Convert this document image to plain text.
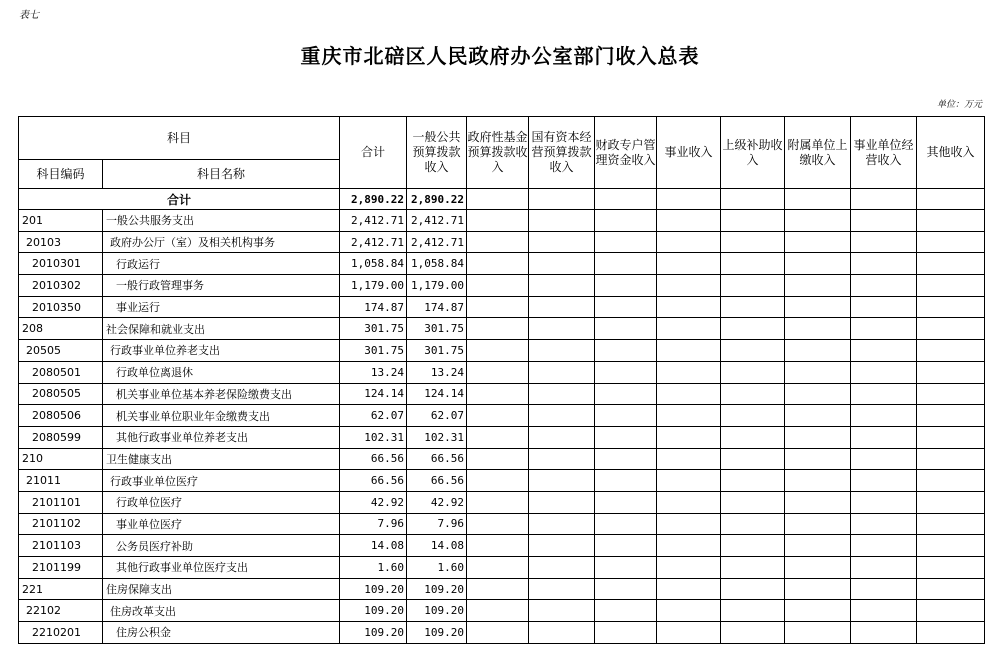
表七
重庆市北碚区人民政府办公室部门收入总表
单位：万元
科目		合计	一般公共预算拨款收入	政府性基金预算拨款收入	国有资本经营预算拨款收入	财政专户管理资金收入	事业收入	上级补助收入	附属单位上缴收入	事业单位经营收入	其他收入
科目编码	科目名称										
合计		2,890.22	2,890.22								
201	一般公共服务支出	2,412.71	2,412.71								
20103	政府办公厅（室）及相关机构事务	2,412.71	2,412.71								
2010301	行政运行	1,058.84	1,058.84								
2010302	一般行政管理事务	1,179.00	1,179.00								
2010350	事业运行	174.87	174.87								
208	社会保障和就业支出	301.75	301.75								
20505	行政事业单位养老支出	301.75	301.75								
2080501	行政单位离退休	13.24	13.24								
2080505	机关事业单位基本养老保险缴费支出	124.14	124.14								
2080506	机关事业单位职业年金缴费支出	62.07	62.07								
2080599	其他行政事业单位养老支出	102.31	102.31								
210	卫生健康支出	66.56	66.56								
21011	行政事业单位医疗	66.56	66.56								
2101101	行政单位医疗	42.92	42.92								
2101102	事业单位医疗	7.96	7.96								
2101103	公务员医疗补助	14.08	14.08								
2101199	其他行政事业单位医疗支出	1.60	1.60								
221	住房保障支出	109.20	109.20								
22102	住房改革支出	109.20	109.20								
2210201	住房公积金	109.20	109.20								
